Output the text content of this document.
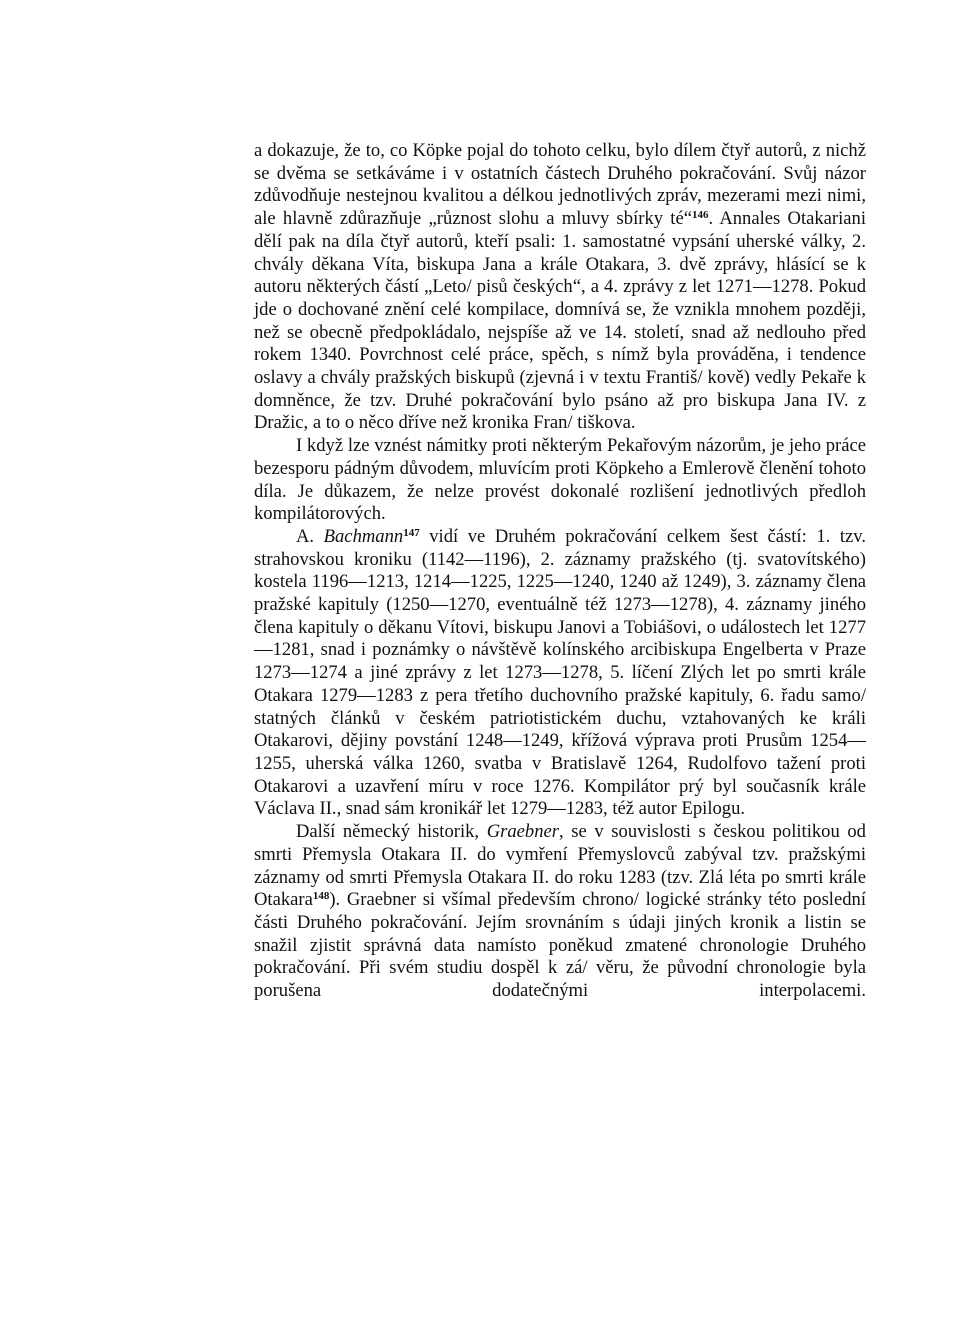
a dokazuje, že to, co Köpke pojal do tohoto celku, bylo dílem čtyř autorů, z nichž se dvěma se setkáváme i v ostatních částech Druhého pokračování. Svůj názor zdůvodňuje nestejnou kvalitou a délkou jednotlivých zpráv, mezerami mezi nimi, ale hlavně zdůrazňuje „různost slohu a mluvy sbírky té“$^{146}$. Annales Otakariani dělí pak na díla čtyř autorů, kteří psali: 1. samostatné vypsání uherské války, 2. chvály děkana Víta, biskupa Jana a krále Otakara, 3. dvě zprávy, hlásící se k autoru některých částí „Leto/ pisů českých“, a 4. zprávy z let 1271—1278. Pokud jde o dochované znění celé kompilace, domnívá se, že vznikla mnohem později, než se obecně předpokládalo, nejspíše až ve 14. století, snad až nedlouho před rokem 1340. Povrchnost celé práce, spěch, s nímž byla prováděna, i tendence oslavy a chvály pražských biskupů (zjevná i v textu Františ/ kově) vedly Pekaře k domněnce, že tzv. Druhé pokračování bylo psáno až pro biskupa Jana IV. z Dražic, a to o něco dříve než kronika Fran/ tiškova.

I když lze vznést námitky proti některým Pekařovým názorům, je jeho práce bezesporu pádným důvodem, mluvícím proti Köpkeho a Emlerově členění tohoto díla. Je důkazem, že nelze provést dokonalé rozlišení jednotlivých předloh kompilátorových.

A. Bachmann$^{147}$ vidí ve Druhém pokračování celkem šest částí: 1. tzv. strahovskou kroniku (1142—1196), 2. záznamy pražského (tj. svatovítského) kostela 1196—1213, 1214—1225, 1225—1240, 1240 až 1249), 3. záznamy člena pražské kapituly (1250—1270, eventuálně též 1273—1278), 4. záznamy jiného člena kapituly o děkanu Vítovi, biskupu Janovi a Tobiášovi, o událostech let 1277—1281, snad i poznámky o návštěvě kolínského arcibiskupa Engelberta v Praze 1273—1274 a jiné zprávy z let 1273—1278, 5. líčení Zlých let po smrti krále Otakara 1279—1283 z pera třetího duchovního pražské kapituly, 6. řadu samo/ statných článků v českém patriotistickém duchu, vztahovaných ke králi Otakarovi, dějiny povstání 1248—1249, křížová výprava proti Prusům 1254—1255, uherská válka 1260, svatba v Bratislavě 1264, Rudolfovo tažení proti Otakarovi a uzavření míru v roce 1276. Kompilátor prý byl současník krále Václava II., snad sám kronikář let 1279—1283, též autor Epilogu.

Další německý historik, Graebner, se v souvislosti s českou politikou od smrti Přemysla Otakara II. do vymření Přemyslovců zabýval tzv. pražskými záznamy od smrti Přemysla Otakara II. do roku 1283 (tzv. Zlá léta po smrti krále Otakara$^{148}$). Graebner si všímal především chrono/ logické stránky této poslední části Druhého pokračování. Jejím srovnáním s údaji jiných kronik a listin se snažil zjistit správná data namísto poněkud zmatené chronologie Druhého pokračování. Při svém studiu dospěl k zá/ věru, že původní chronologie byla porušena dodatečnými interpolacemi.
